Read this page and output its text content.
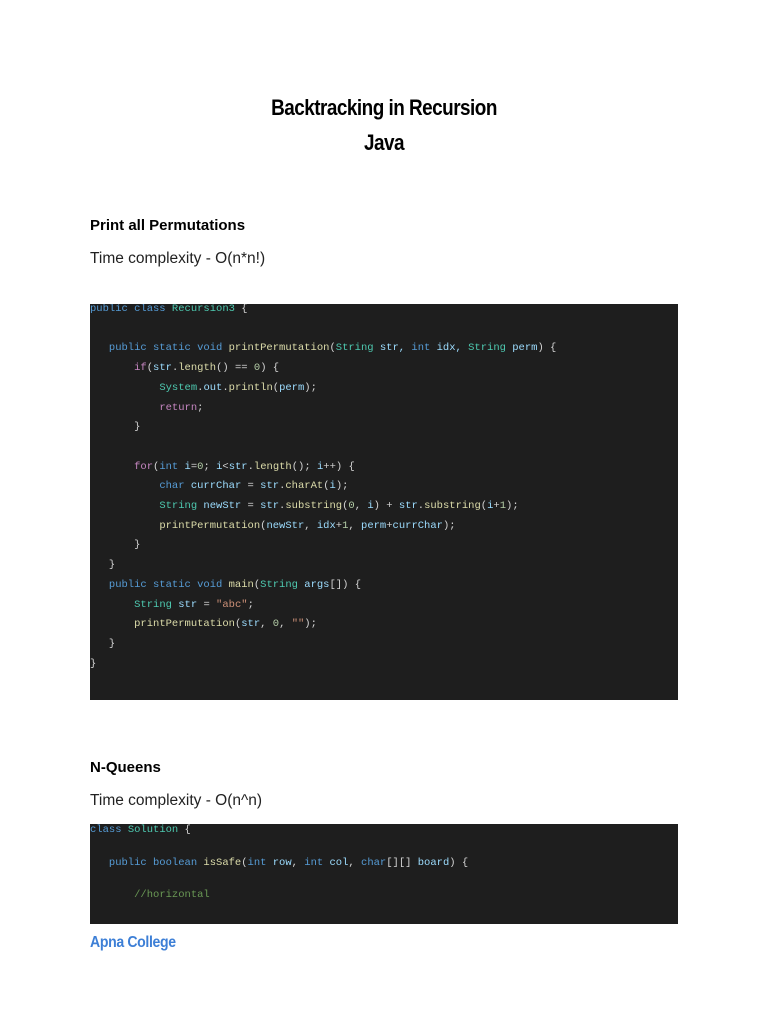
Backtracking in Recursion
Java
Print all Permutations
Time complexity - O(n*n!)
public class Recursion3 {
public static void printPermutation(String str, int idx, String perm) {
if(str.length() == 0) {
System.out.println(perm);
return;
}
for(int i=0; i<str.length(); i++) {
char currChar = str.charAt(i);
String newStr = str.substring(0, i) + str.substring(i+1);
printPermutation(newStr, idx+1, perm+currChar);
}
}
public static void main(String args[]) {
String str = "abc";
printPermutation(str, 0, "");
}
}
N-Queens
Time complexity - O(n^n)
class Solution {
public boolean isSafe(int row, int col, char[][] board) {
//horizontal
Apna College
